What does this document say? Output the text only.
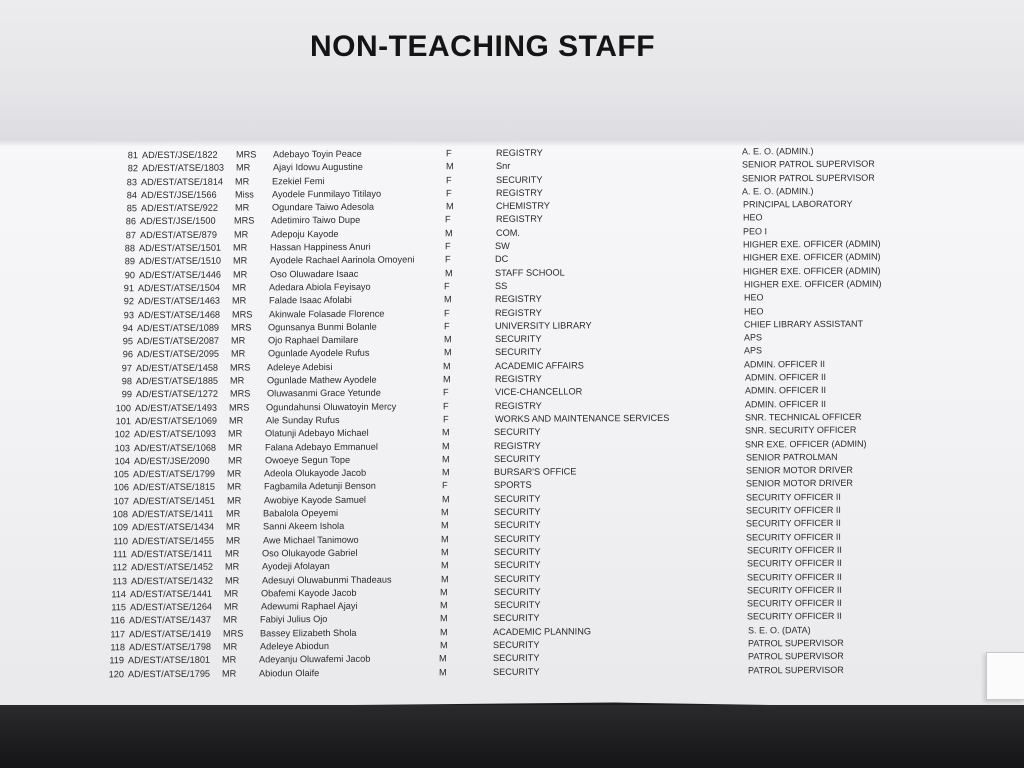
NON-TEACHING STAFF
81 AD/EST/JSE/1822 MRS Adebayo Toyin Peace	F	REGISTRY	A. E. O. (ADMIN.)
82 AD/EST/ATSE/1803 MR Ajayi Idowu Augustine	M	Snr	SENIOR PATROL SUPERVISOR
83 AD/EST/ATSE/1814 MR Ezekiel Femi	F	SECURITY	SENIOR PATROL SUPERVISOR
84 AD/EST/JSE/1566 Miss Ayodele Funmilayo Titilayo	F	REGISTRY	A. E. O. (ADMIN.)
85 AD/EST/ATSE/922 MR Ogundare Taiwo Adesola	M	CHEMISTRY	PRINCIPAL LABORATORY
86 AD/EST/JSE/1500 MRS Adetimiro Taiwo Dupe	F	REGISTRY	HEO
87 AD/EST/ATSE/879 MR Adepoju Kayode	M	COM.	PEO I
88 AD/EST/ATSE/1501 MR Hassan Happiness Anuri	F	SW	HIGHER EXE. OFFICER (ADMIN)
89 AD/EST/ATSE/1510 MR Ayodele Rachael Aarinola Omoyeni	F	DC	HIGHER EXE. OFFICER (ADMIN)
90 AD/EST/ATSE/1446 MR Oso Oluwadare Isaac	M	STAFF SCHOOL	HIGHER EXE. OFFICER (ADMIN)
91 AD/EST/ATSE/1504 MR Adedara Abiola Feyisayo	F	SS	HIGHER EXE. OFFICER (ADMIN)
92 AD/EST/ATSE/1463 MR Falade Isaac Afolabi	M	REGISTRY	HEO
93 AD/EST/ATSE/1468 MRS Akinwale Folasade Florence	F	REGISTRY	HEO
94 AD/EST/ATSE/1089 MRS Ogunsanya Bunmi Bolanle	F	UNIVERSITY LIBRARY	CHIEF LIBRARY ASSISTANT
95 AD/EST/ATSE/2087 MR Ojo Raphael Damilare	M	SECURITY	APS
96 AD/EST/ATSE/2095 MR Ogunlade Ayodele Rufus	M	SECURITY	APS
97 AD/EST/ATSE/1458 MRS Adeleye Adebisi	M	ACADEMIC AFFAIRS	ADMIN. OFFICER II
98 AD/EST/ATSE/1885 MR Ogunlade Mathew Ayodele	M	REGISTRY	ADMIN. OFFICER II
99 AD/EST/ATSE/1272 MRS Oluwasanmi Grace Yetunde	F	VICE-CHANCELLOR	ADMIN. OFFICER II
100 AD/EST/ATSE/1493 MRS Ogundahunsi Oluwatoyin Mercy	F	REGISTRY	ADMIN. OFFICER II
101 AD/EST/ATSE/1069 MR Ale Sunday Rufus	F	WORKS AND MAINTENANCE SERVICES	SNR. TECHNICAL OFFICER
102 AD/EST/ATSE/1093 MR Olatunji Adebayo Michael	M	SECURITY	SNR. SECURITY OFFICER
103 AD/EST/ATSE/1068 MR Falana Adebayo Emmanuel	M	REGISTRY	SNR EXE. OFFICER (ADMIN)
104 AD/EST/JSE/2090 MR Owoeye Segun Tope	M	SECURITY	SENIOR PATROLMAN
105 AD/EST/ATSE/1799 MR Adeola Olukayode Jacob	M	BURSAR'S OFFICE	SENIOR MOTOR DRIVER
106 AD/EST/ATSE/1815 MR Fagbamila Adetunji Benson	F	SPORTS	SENIOR MOTOR DRIVER
107 AD/EST/ATSE/1451 MR Awobiye Kayode Samuel	M	SECURITY	SECURITY OFFICER II
108 AD/EST/ATSE/1411 MR Babalola Opeyemi	M	SECURITY	SECURITY OFFICER II
109 AD/EST/ATSE/1434 MR Sanni Akeem Ishola	M	SECURITY	SECURITY OFFICER II
110 AD/EST/ATSE/1455 MR Awe Michael Tanimowo	M	SECURITY	SECURITY OFFICER II
111 AD/EST/ATSE/1411 MR Oso Olukayode Gabriel	M	SECURITY	SECURITY OFFICER II
112 AD/EST/ATSE/1452 MR Ayodeji Afolayan	M	SECURITY	SECURITY OFFICER II
113 AD/EST/ATSE/1432 MR Adesuyi Oluwabunmi Thadeaus	M	SECURITY	SECURITY OFFICER II
114 AD/EST/ATSE/1441 MR Obafemi Kayode Jacob	M	SECURITY	SECURITY OFFICER II
115 AD/EST/ATSE/1264 MR Adewumi Raphael Ajayi	M	SECURITY	SECURITY OFFICER II
116 AD/EST/ATSE/1437 MR Fabiyi Julius Ojo	M	SECURITY	SECURITY OFFICER II
117 AD/EST/ATSE/1419 MRS Bassey Elizabeth Shola	M	ACADEMIC PLANNING	S. E. O. (DATA)
118 AD/EST/ATSE/1798 MR Adeleye Abiodun	M	SECURITY	PATROL SUPERVISOR
119 AD/EST/ATSE/1801 MR Adeyanju Oluwafemi Jacob	M	SECURITY	PATROL SUPERVISOR
120 AD/EST/ATSE/1795 MR Abiodun Olaife	M	SECURITY	PATROL SUPERVISOR
